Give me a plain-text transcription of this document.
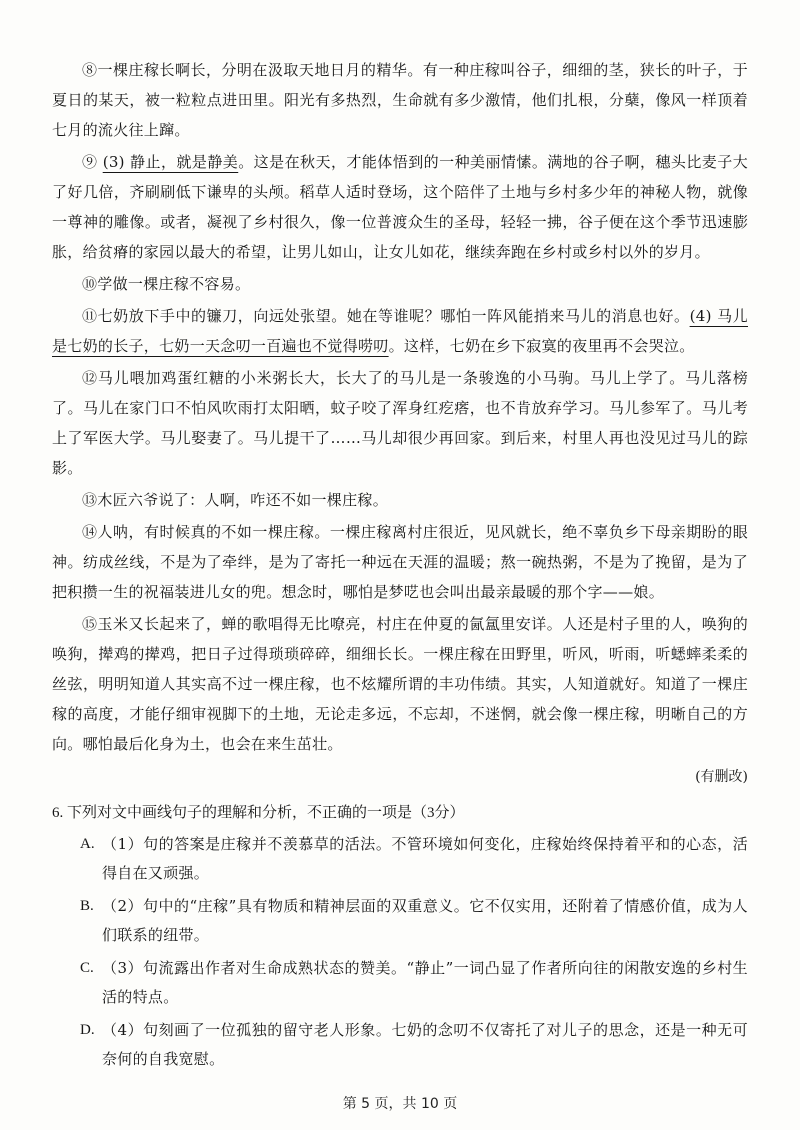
⑧一棵庄稼长啊长，分明在汲取天地日月的精华。有一种庄稼叫谷子，细细的茎，狭长的叶子，于夏日的某天，被一粒粒点进田里。阳光有多热烈，生命就有多少激情，他们扎根，分蘖，像风一样顶着七月的流火往上蹿。

⑨ (3) 静止，就是静美。这是在秋天，才能体悟到的一种美丽情愫。满地的谷子啊，穗头比麦子大了好几倍，齐刷刷低下谦卑的头颅。稻草人适时登场，这个陪伴了土地与乡村多少年的神秘人物，就像一尊神的雕像。或者，凝视了乡村很久，像一位普渡众生的圣母，轻轻一拂，谷子便在这个季节迅速膨胀，给贫瘠的家园以最大的希望，让男儿如山，让女儿如花，继续奔跑在乡村或乡村以外的岁月。

⑩学做一棵庄稼不容易。

⑪七奶放下手中的镰刀，向远处张望。她在等谁呢？哪怕一阵风能捎来马儿的消息也好。(4) 马儿是七奶的长子，七奶一天念叨一百遍也不觉得唠叨。这样，七奶在乡下寂寞的夜里再不会哭泣。

⑫马儿喂加鸡蛋红糖的小米粥长大，长大了的马儿是一条骏逸的小马驹。马儿上学了。马儿落榜了。马儿在家门口不怕风吹雨打太阳晒，蚊子咬了浑身红疙瘩，也不肯放弃学习。马儿参军了。马儿考上了军医大学。马儿娶妻了。马儿提干了……马儿却很少再回家。到后来，村里人再也没见过马儿的踪影。

⑬木匠六爷说了：人啊，咋还不如一棵庄稼。

⑭人呐，有时候真的不如一棵庄稼。一棵庄稼离村庄很近，见风就长，绝不辜负乡下母亲期盼的眼神。纺成丝线，不是为了牵绊，是为了寄托一种远在天涯的温暖；熬一碗热粥，不是为了挽留，是为了把积攒一生的祝福装进儿女的兜。想念时，哪怕是梦呓也会叫出最亲最暖的那个字——娘。

⑮玉米又长起来了，蝉的歌唱得无比嘹亮，村庄在仲夏的氤氲里安详。人还是村子里的人，唤狗的唤狗，撵鸡的撵鸡，把日子过得琐琐碎碎，细细长长。一棵庄稼在田野里，听风，听雨，听蟋蟀柔柔的丝弦，明明知道人其实高不过一棵庄稼，也不炫耀所谓的丰功伟绩。其实，人知道就好。知道了一棵庄稼的高度，才能仔细审视脚下的土地，无论走多远，不忘却，不迷惘，就会像一棵庄稼，明晰自己的方向。哪怕最后化身为土，也会在来生茁壮。

(有删改)
6. 下列对文中画线句子的理解和分析，不正确的一项是（3分）
A. （1）句的答案是庄稼并不羡慕草的活法。不管环境如何变化，庄稼始终保持着平和的心态，活得自在又顽强。
B. （2）句中的“庄稼”具有物质和精神层面的双重意义。它不仅实用，还附着了情感价值，成为人们联系的纽带。
C. （3）句流露出作者对生命成熟状态的赞美。“静止”一词凸显了作者所向往的闲散安逸的乡村生活的特点。
D. （4）句刻画了一位孤独的留守老人形象。七奶的念叨不仅寄托了对儿子的思念，还是一种无可奈何的自我宽慰。
第 5 页，共 10 页
